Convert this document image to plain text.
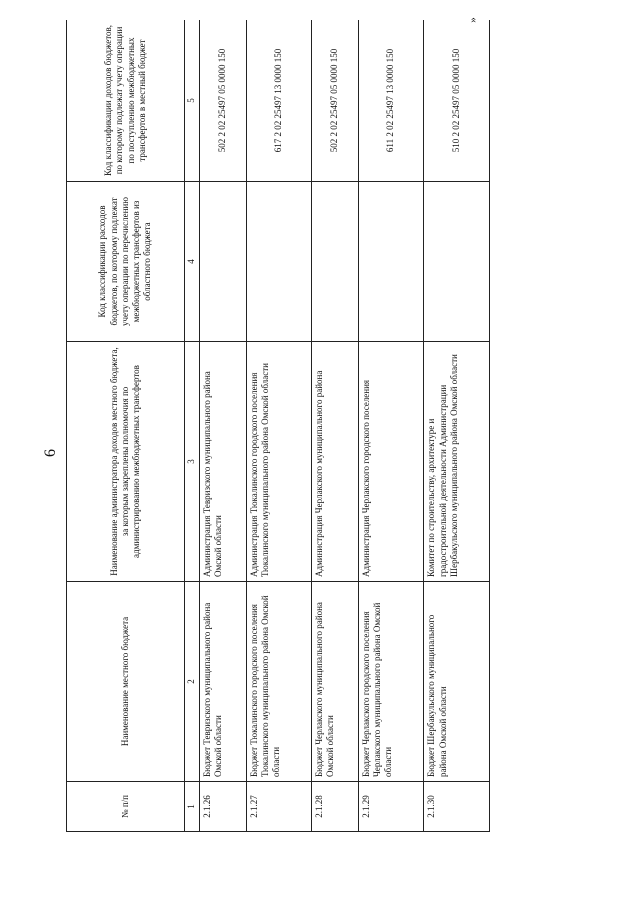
6
»
№ п/п	Наименование местного бюджета	Наименование администратора доходов местного бюджета, за которым закреплены полномочия по администрированию межбюджетных трансфертов	Код классификации расходов бюджетов, по которому подлежат учету операции по перечислению межбюджетных трансфертов из областного бюджета	Код классификации доходов бюджетов, по которому подлежат учету операции по поступлению межбюджетных трансфертов в местный бюджет
1	2	3	4	5
2.1.26	Бюджет Тевризского муниципального района Омской области	Администрация Тевризского муниципального района Омской области		502 2 02 25497 05 0000 150
2.1.27	Бюджет Тюкалинского городского поселения Тюкалинского муниципального района Омской области	Администрация Тюкалинского городского поселения Тюкалинского муниципального района Омской области		617 2 02 25497 13 0000 150
2.1.28	Бюджет Черлакского муниципального района Омской области	Администрация Черлакского муниципального района		502 2 02 25497 05 0000 150
2.1.29	Бюджет Черлакского городского поселения Черлакского муниципального района Омской области	Администрация Черлакского городского поселения		611 2 02 25497 13 0000 150
2.1.30	Бюджет Шербакульского муниципального района Омской области	Комитет по строительству, архитектуре и градостроительной деятельности Администрации Шербакульского муниципального района Омской области		510 2 02 25497 05 0000 150
